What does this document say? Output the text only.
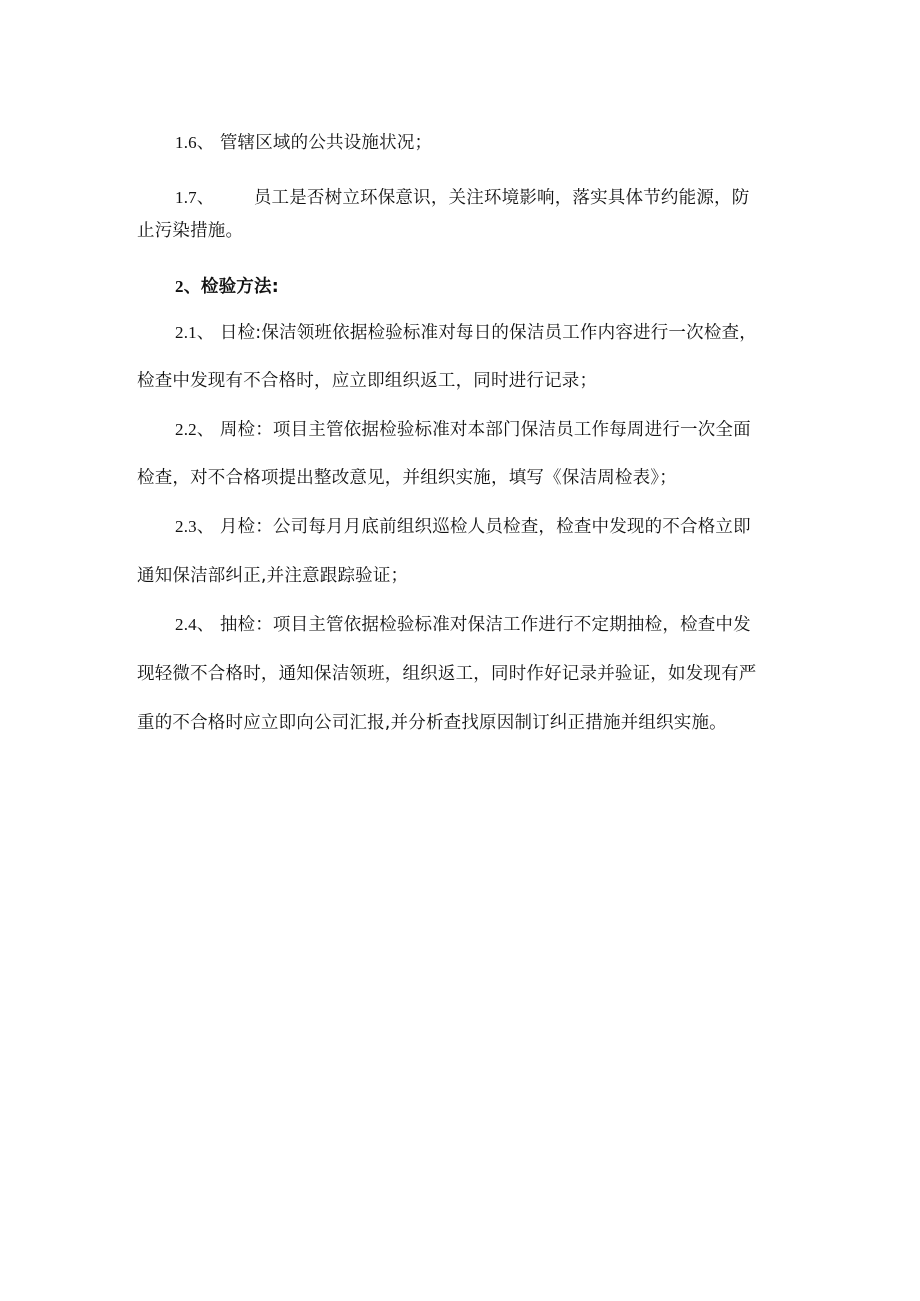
1.6、 管辖区域的公共设施状况；
1.7、 员工是否树立环保意识，关注环境影响，落实具体节约能源，防
止污染措施。
2、检验方法:
2.1、 日检:保洁领班依据检验标准对每日的保洁员工作内容进行一次检查，
检查中发现有不合格时，应立即组织返工，同时进行记录；
2.2、 周检：项目主管依据检验标准对本部门保洁员工作每周进行一次全面
检查，对不合格项提出整改意见，并组织实施，填写《保洁周检表》；
2.3、 月检：公司每月月底前组织巡检人员检查，检查中发现的不合格立即
通知保洁部纠正,并注意跟踪验证；
2.4、 抽检：项目主管依据检验标准对保洁工作进行不定期抽检，检查中发
现轻微不合格时，通知保洁领班，组织返工，同时作好记录并验证，如发现有严
重的不合格时应立即向公司汇报,并分析查找原因制订纠正措施并组织实施。
